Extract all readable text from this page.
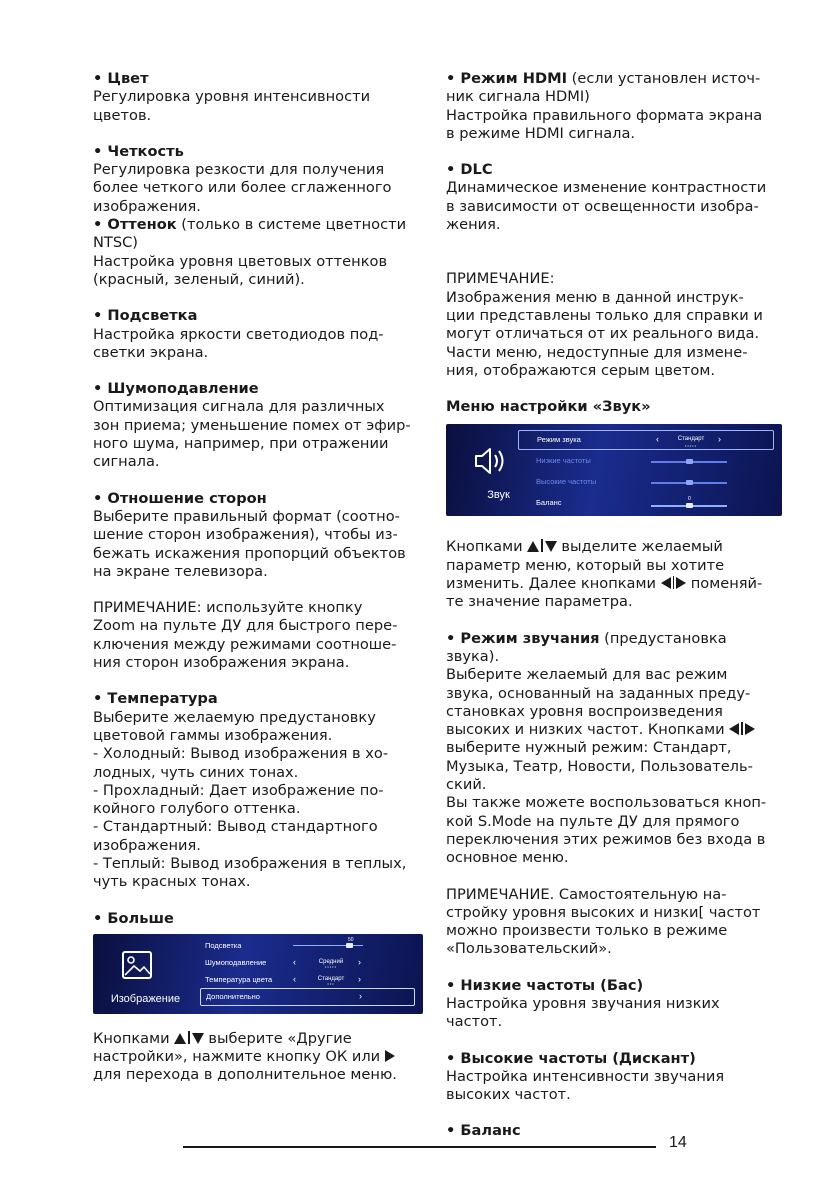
• Цвет
Регулировка уровня интенсивности
цветов.
• Четкость
Регулировка резкости для получения
более четкого или более сглаженного
изображения.
• Оттенок (только в системе цветности
NTSC)
Настройка уровня цветовых оттенков
(красный, зеленый, синий).
• Подсветка
Настройка яркости светодиодов под-
светки экрана.
• Шумоподавление
Оптимизация сигнала для различных
зон приема; уменьшение помех от эфир-
ного шума, например, при отражении
сигнала.
• Отношение сторон
Выберите правильный формат (соотно-
шение сторон изображения), чтобы из-
бежать искажения пропорций объектов
на экране телевизора.
ПРИМЕЧАНИЕ: используйте кнопку
Zoom на пульте ДУ для быстрого пере-
ключения между режимами соотноше-
ния сторон изображения экрана.
• Температура
Выберите желаемую предустановку
цветовой гаммы изображения.
- Холодный: Вывод изображения в хо-
лодных, чуть синих тонах.
- Прохладный: Дает изображение по-
койного голубого оттенка.
- Стандартный: Вывод стандартного
изображения.
- Теплый: Вывод изображения в теплых,
чуть красных тонах.
• Больше
Изображение
Подсветка
50
Шумоподавление	‹	Средний
•••••	›
Температура цвета ‹	Стандарт
•••	›
Дополнительно	›
Кнопками  выберите «Другие
настройки», нажмите кнопку ОК или
для перехода в дополнительное меню.
• Режим HDMI (если установлен источ-
ник сигнала HDMI)
Настройка правильного формата экрана
в режиме HDMI сигнала.
• DLC
Динамическое изменение контрастности
в зависимости от освещенности изобра-
жения.
ПРИМЕЧАНИЕ:
Изображения меню в данной инструк-
ции представлены только для справки и
могут отличаться от их реального вида.
Части меню, недоступные для измене-
ния, отображаются серым цветом.
Меню настройки «Звук»
Звук
Режим звука	‹	Стандарт
•••••
›
Низкие частоты
Высокие частоты
Баланс	0
Кнопками  выделите желаемый
параметр меню, который вы хотите
изменить. Далее кнопками  поменяй-
те значение параметра.
• Режим звучания (предустановка звука).
Выберите желаемый для вас режим
звука, основанный на заданных преду-
становках уровня воспроизведения
высоких и низких частот. Кнопками
выберите нужный режим: Стандарт,
Музыка, Театр, Новости, Пользователь-
ский.
Вы также можете воспользоваться кноп-
кой S.Mode на пульте ДУ для прямого
переключения этих режимов без входа в
основное меню.
ПРИМЕЧАНИЕ. Самостоятельную на-
стройку уровня высоких и низки[ частот
можно произвести только в режиме
«Пользовательский».
• Низкие частоты (Бас)
Настройка уровня звучания низких
частот.
• Высокие частоты (Дискант)
Настройка интенсивности звучания
высоких частот.
• Баланс
14
